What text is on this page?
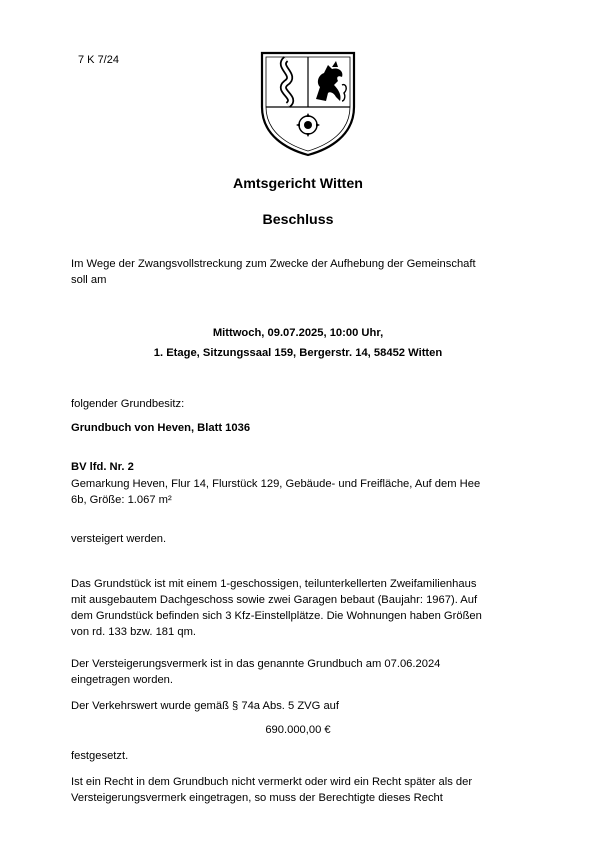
7 K 7/24
Amtsgericht Witten
Beschluss

Im Wege der Zwangsvollstreckung zum Zwecke der Aufhebung der Gemeinschaft

soll am

Mittwoch, 09.07.2025, 10:00 Uhr,
1. Etage, Sitzungssaal 159, Bergerstr. 14, 58452 Witten
folgender Grundbesitz:
Grundbuch von Heven, Blatt 1036
BV lfd. Nr. 2

Gemarkung Heven, Flur 14, Flurstück 129, Gebäude- und Freifläche, Auf dem Hee

6b, Größe: 1.067 m²

versteigert werden.

Das Grundstück ist mit einem 1-geschossigen, teilunterkellerten Zweifamilienhaus

mit ausgebautem Dachgeschoss sowie zwei Garagen bebaut (Baujahr: 1967). Auf

dem Grundstück befinden sich 3 Kfz-Einstellplätze. Die Wohnungen haben Größen

von rd. 133 bzw. 181 qm.

Der Versteigerungsvermerk ist in das genannte Grundbuch am 07.06.2024

eingetragen worden.

Der Verkehrswert wurde gemäß § 74a Abs. 5 ZVG auf
690.000,00 €
festgesetzt.

Ist ein Recht in dem Grundbuch nicht vermerkt oder wird ein Recht später als der

Versteigerungsvermerk eingetragen, so muss der Berechtigte dieses Recht
